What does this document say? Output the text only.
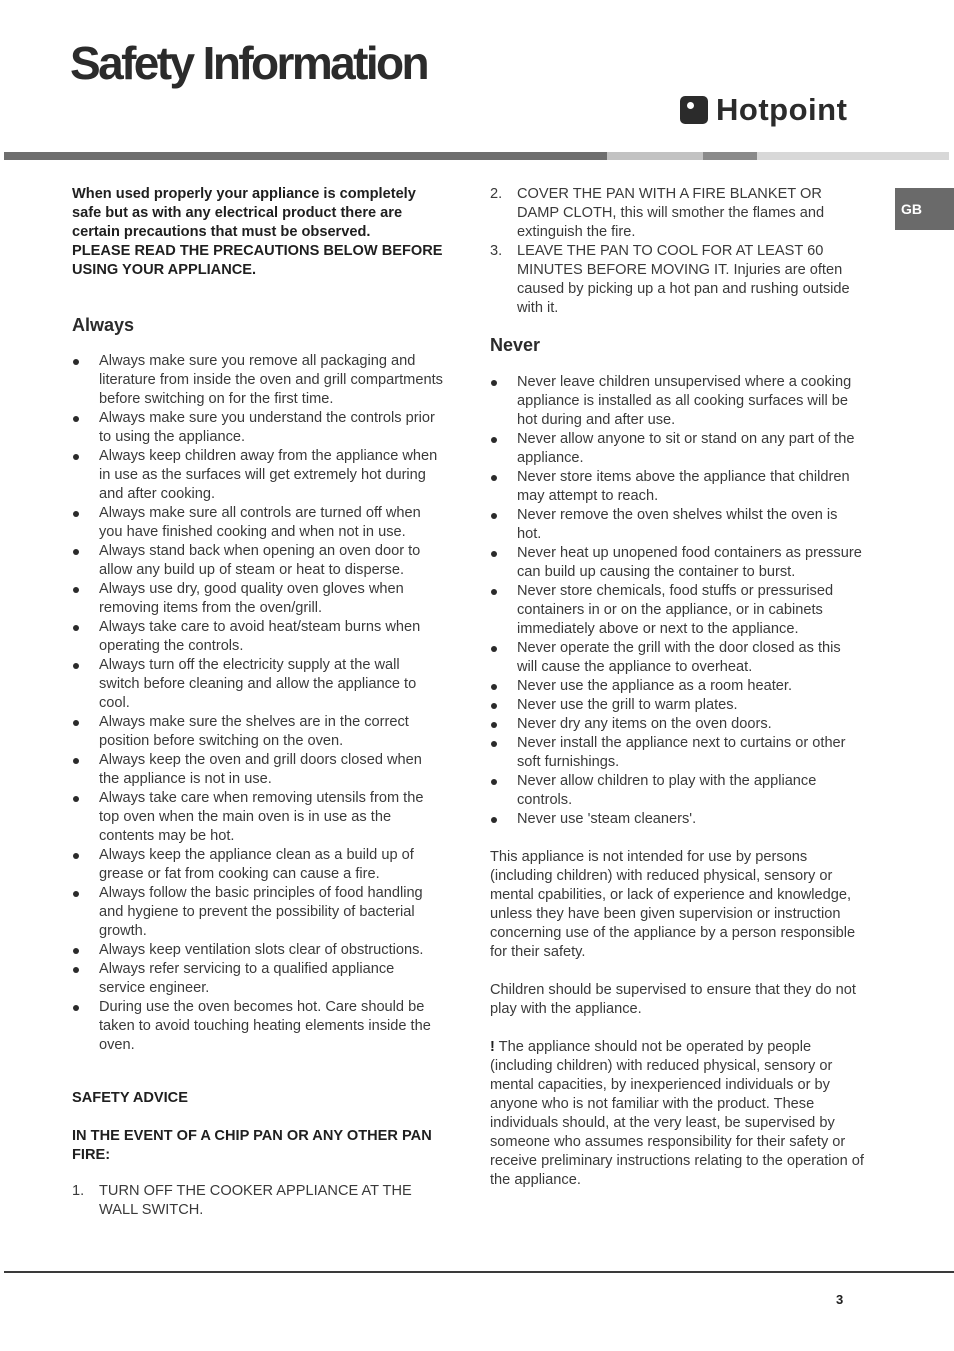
Safety Information
Hotpoint
GB

When used properly your appliance is completely safe but as with any electrical product there are certain precautions that must be observed.
PLEASE READ THE PRECAUTIONS BELOW BEFORE USING YOUR APPLIANCE.

Always
Always make sure you remove all packaging and literature from inside the oven and grill compartments before switching on for the first time.
Always make sure you understand the controls prior to using the appliance.
Always keep children away from the appliance when in use as the surfaces will get extremely hot during and after cooking.
Always make sure all controls are turned off when you have finished cooking and when not in use.
Always stand back when opening an oven door to allow any build up of steam or heat to disperse.
Always use dry, good quality oven gloves when removing items from the oven/grill.
Always take care to avoid heat/steam burns when operating the controls.
Always turn off the electricity supply at the wall switch before cleaning and allow the appliance to cool.
Always make sure the shelves are in the correct position before switching on the oven.
Always keep the oven and grill doors closed when the appliance is not in use.
Always take care when removing utensils from the top oven when the main oven is in use as the contents may be hot.
Always keep the appliance clean as a build up of grease or fat from cooking can cause a fire.
Always follow the basic principles of food handling and hygiene to prevent the possibility of bacterial growth.
Always keep ventilation slots clear of obstructions.
Always refer servicing to a qualified appliance service engineer.
During use the oven becomes hot. Care should be taken to avoid touching heating elements inside the oven.

SAFETY ADVICE

IN THE EVENT OF A CHIP PAN OR ANY OTHER PAN FIRE:

1. TURN OFF THE COOKER APPLIANCE AT THE WALL SWITCH.
2. COVER THE PAN WITH A FIRE BLANKET OR DAMP CLOTH, this will smother the flames and extinguish the fire.
3. LEAVE THE PAN TO COOL FOR AT LEAST 60 MINUTES BEFORE MOVING IT. Injuries are often caused by picking up a hot pan and rushing outside with it.
Never
Never leave children unsupervised where a cooking appliance is installed as all cooking surfaces will be hot during and after use.
Never allow anyone to sit or stand on any part of the appliance.
Never store items above the appliance that children may attempt to reach.
Never remove the oven shelves whilst the oven is hot.
Never heat up unopened food containers as pressure can build up causing the container to burst.
Never store chemicals, food stuffs or pressurised containers in or on the appliance, or in cabinets immediately above or next to the appliance.
Never operate the grill with the door closed as this will cause the appliance to overheat.
Never use the appliance as a room heater.
Never use the grill to warm plates.
Never dry any items on the oven doors.
Never install the appliance next to curtains or other soft furnishings.
Never allow children to play with the appliance controls.
Never use 'steam cleaners'.

This appliance is not intended for use by persons (including children) with reduced physical, sensory or mental cpabilities, or lack of experience and knowledge, unless they have been given supervision or instruction concerning use of the appliance by a person responsible for their safety.

Children should be supervised to ensure that they do not play with the appliance.

! The appliance should not be operated by people (including children) with reduced physical, sensory or mental capacities, by inexperienced individuals or by anyone who is not familiar with the product. These individuals should, at the very least, be supervised by someone who assumes responsibility for their safety or receive preliminary instructions relating to the operation of the appliance.

3
